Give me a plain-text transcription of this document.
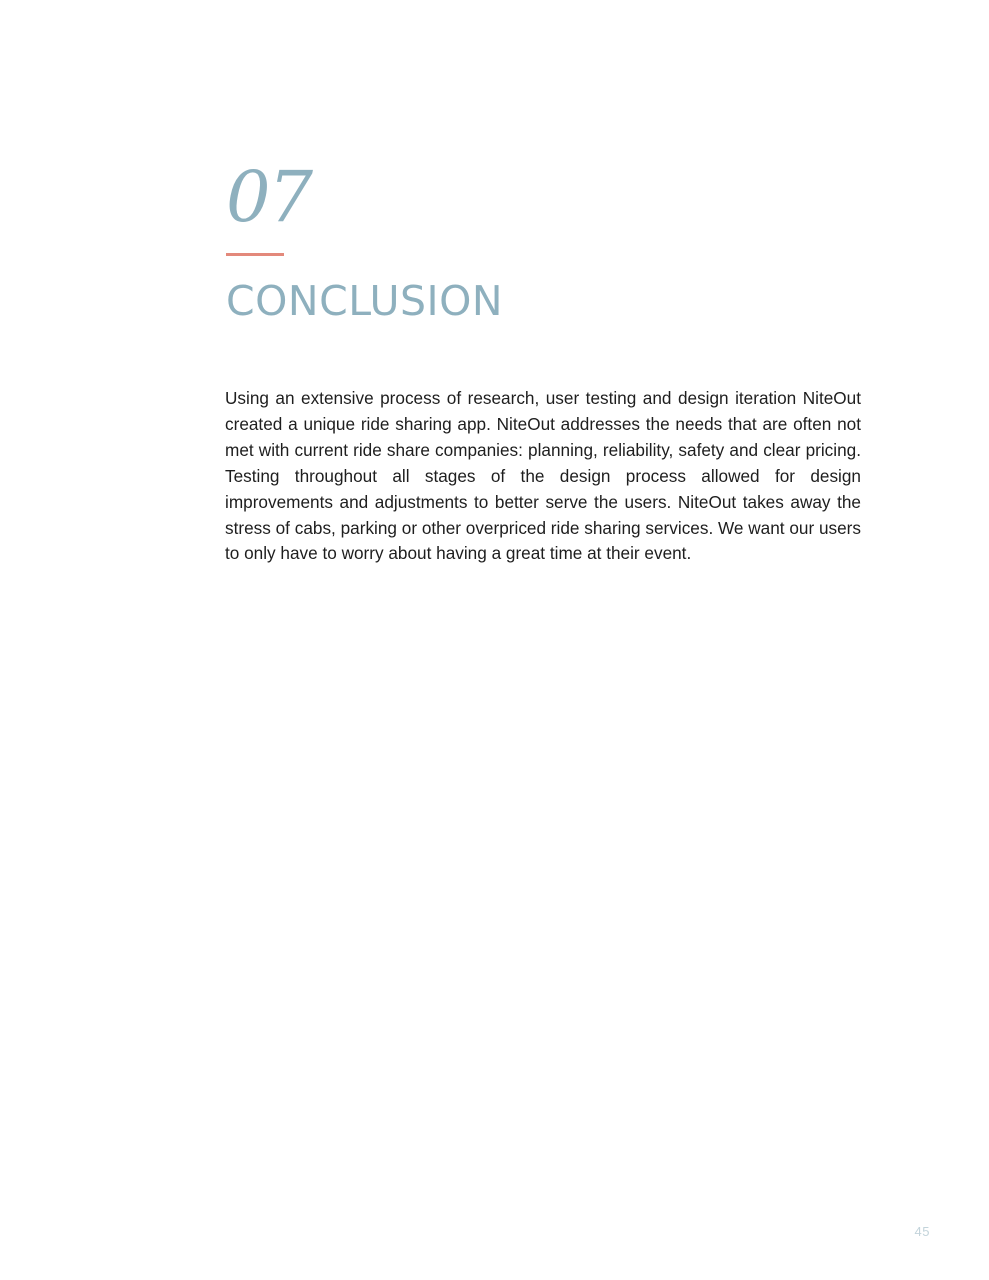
07
CONCLUSION

Using an extensive process of research, user testing and design iteration NiteOut created a unique ride sharing app. NiteOut addresses the needs that are often not met with current ride share companies: planning, reliability, safety and clear pricing. Testing throughout all stages of the design process allowed for design improvements and adjustments to better serve the users. NiteOut takes away the stress of cabs, parking or other overpriced ride sharing services. We want our users to only have to worry about having a great time at their event.

45
